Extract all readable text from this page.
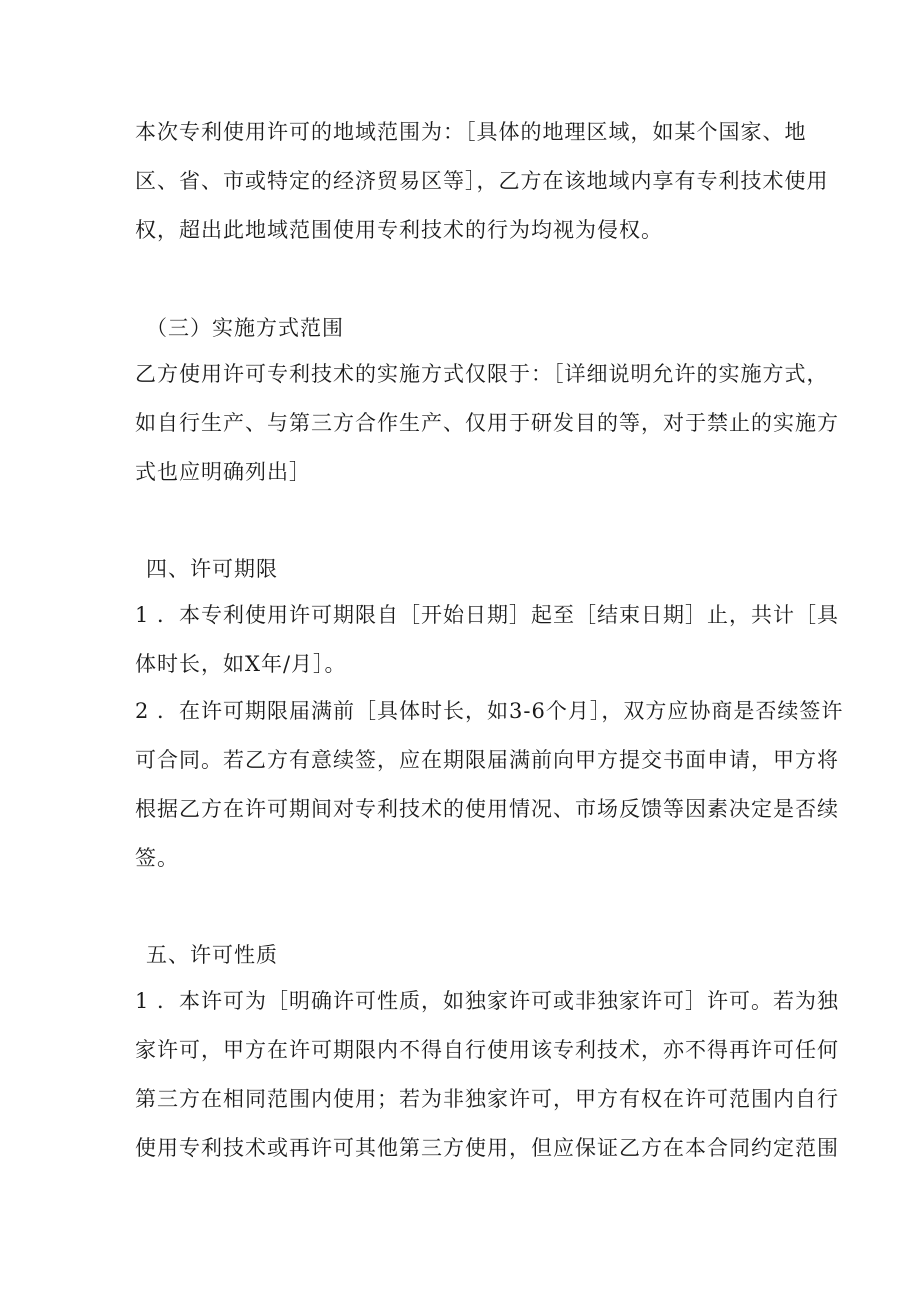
本次专利使用许可的地域范围为：［具体的地理区域，如某个国家、地
区、省、市或特定的经济贸易区等］，乙方在该地域内享有专利技术使用
权，超出此地域范围使用专利技术的行为均视为侵权。
（三）实施方式范围
乙方使用许可专利技术的实施方式仅限于：［详细说明允许的实施方式，
如自行生产、与第三方合作生产、仅用于研发目的等，对于禁止的实施方
式也应明确列出］
四、许可期限
1 ．本专利使用许可期限自［开始日期］起至［结束日期］止，共计［具
体时长，如X年/月］。
2 ．在许可期限届满前［具体时长，如3-6个月］，双方应协商是否续签许
可合同。若乙方有意续签，应在期限届满前向甲方提交书面申请，甲方将
根据乙方在许可期间对专利技术的使用情况、市场反馈等因素决定是否续
签。
五、许可性质
1 ．本许可为［明确许可性质，如独家许可或非独家许可］许可。若为独
家许可，甲方在许可期限内不得自行使用该专利技术，亦不得再许可任何
第三方在相同范围内使用；若为非独家许可，甲方有权在许可范围内自行
使用专利技术或再许可其他第三方使用，但应保证乙方在本合同约定范围
